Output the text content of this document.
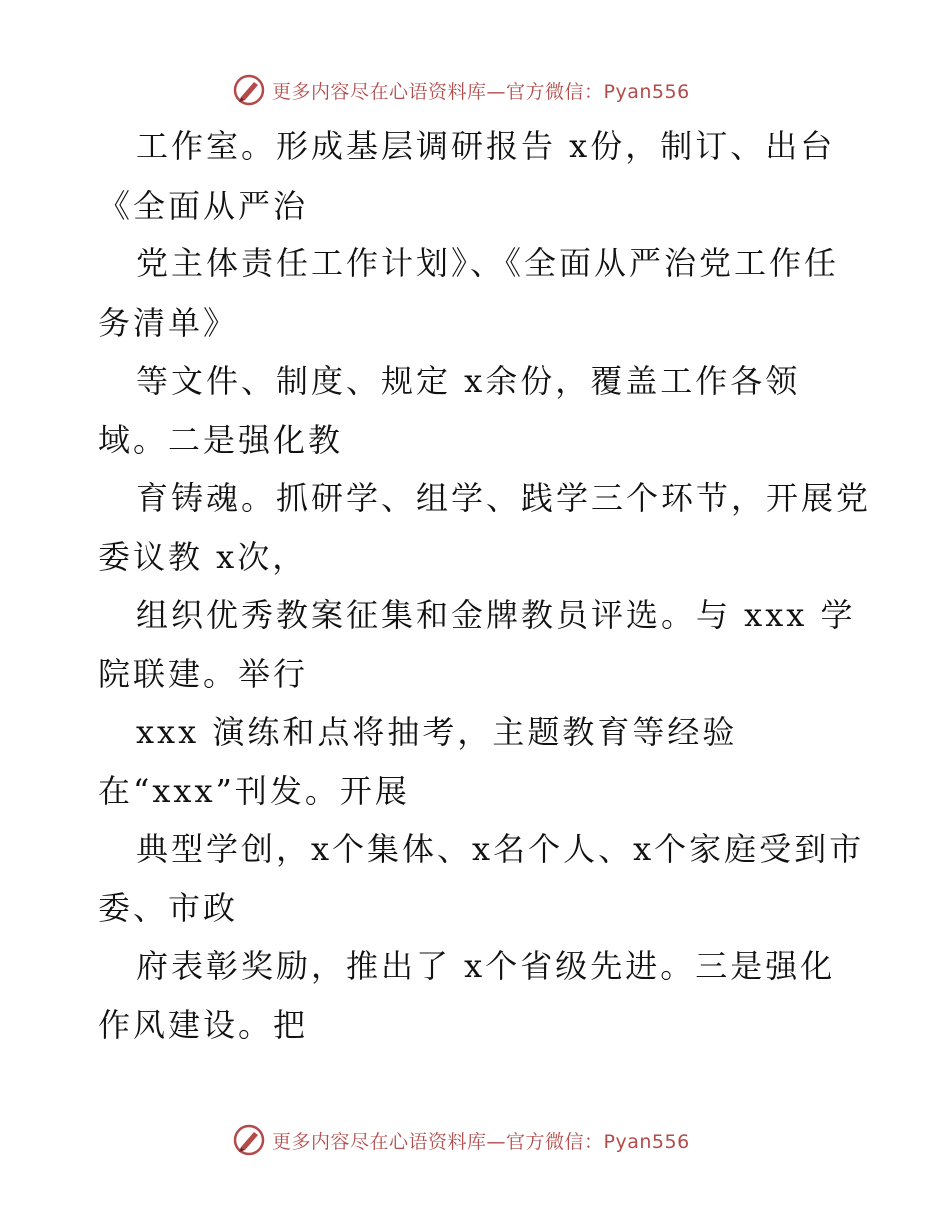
更多内容尽在心语资料库—官方微信：Pyan556
工作室。形成基层调研报告 x份，制订、出台
《全面从严治
党主体责任工作计划》、《全面从严治党工作任
务清单》
等文件、制度、规定 x余份，覆盖工作各领
域。二是强化教
育铸魂。抓研学、组学、践学三个环节，开展党
委议教 x次，
组织优秀教案征集和金牌教员评选。与 xxx 学
院联建。举行
xxx 演练和点将抽考，主题教育等经验
在“xxx”刊发。开展
典型学创，x个集体、x名个人、x个家庭受到市
委、市政
府表彰奖励，推出了 x个省级先进。三是强化
作风建设。把
更多内容尽在心语资料库—官方微信：Pyan556
